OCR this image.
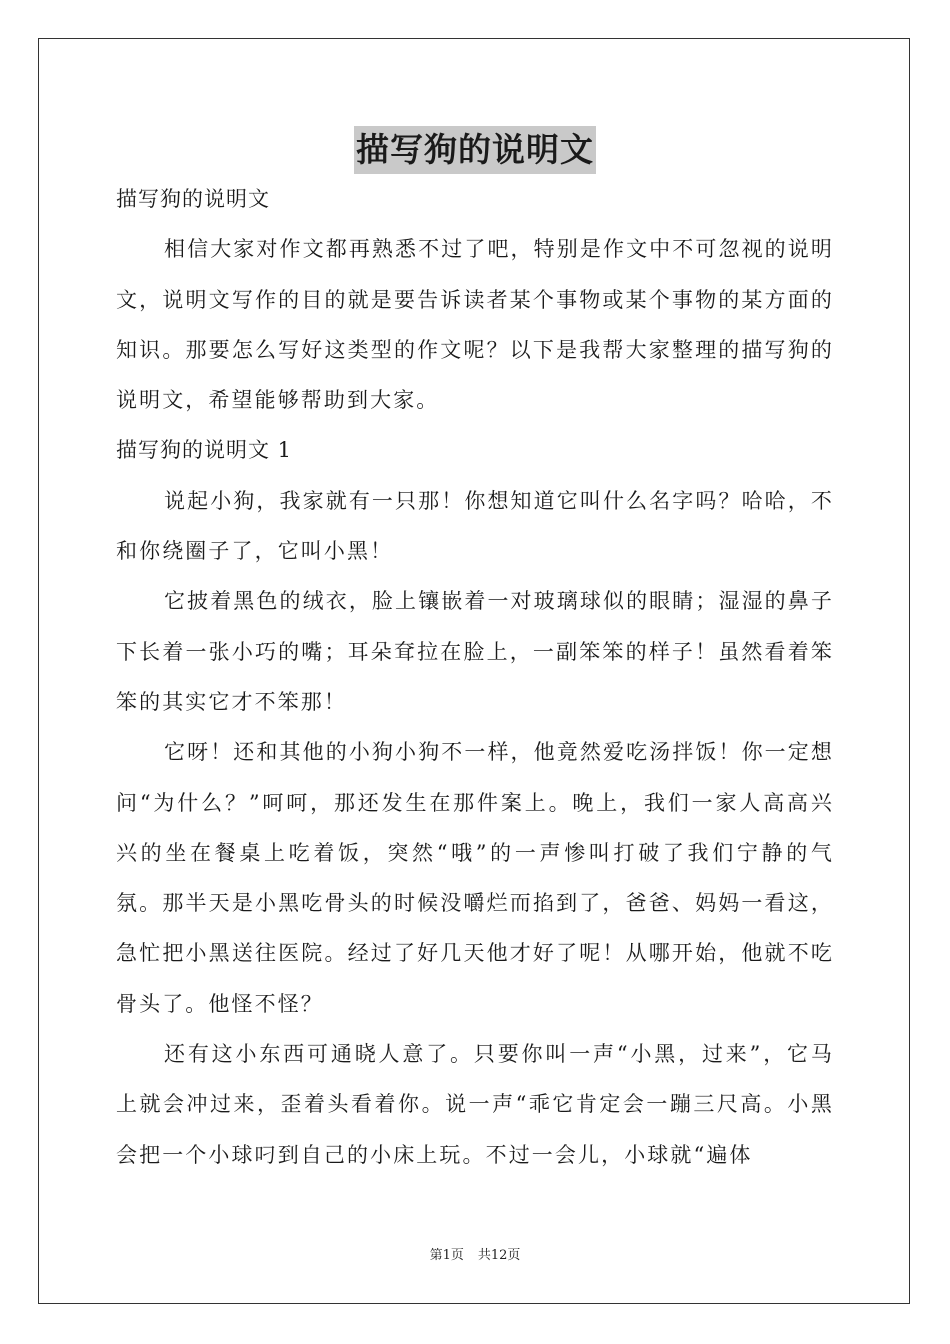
描写狗的说明文

描写狗的说明文

相信大家对作文都再熟悉不过了吧，特别是作文中不可忽视的说明文，说明文写作的目的就是要告诉读者某个事物或某个事物的某方面的知识。那要怎么写好这类型的作文呢？以下是我帮大家整理的描写狗的说明文，希望能够帮助到大家。

描写狗的说明文 1

说起小狗，我家就有一只那！你想知道它叫什么名字吗？哈哈，不和你绕圈子了，它叫小黑！

它披着黑色的绒衣，脸上镶嵌着一对玻璃球似的眼睛；湿湿的鼻子下长着一张小巧的嘴；耳朵耷拉在脸上，一副笨笨的样子！虽然看着笨笨的其实它才不笨那！

它呀！还和其他的小狗小狗不一样，他竟然爱吃汤拌饭！你一定想问“为什么？”呵呵，那还发生在那件案上。晚上，我们一家人高高兴兴的坐在餐桌上吃着饭，突然“哦”的一声惨叫打破了我们宁静的气氛。那半天是小黑吃骨头的时候没嚼烂而掐到了，爸爸、妈妈一看这，急忙把小黑送往医院。经过了好几天他才好了呢！从哪开始，他就不吃骨头了。他怪不怪？

还有这小东西可通晓人意了。只要你叫一声“小黑，过来”，它马上就会冲过来，歪着头看着你。说一声“乖它肯定会一蹦三尺高。小黑会把一个小球叼到自己的小床上玩。不过一会儿，小球就“遍体

第1页 共12页
